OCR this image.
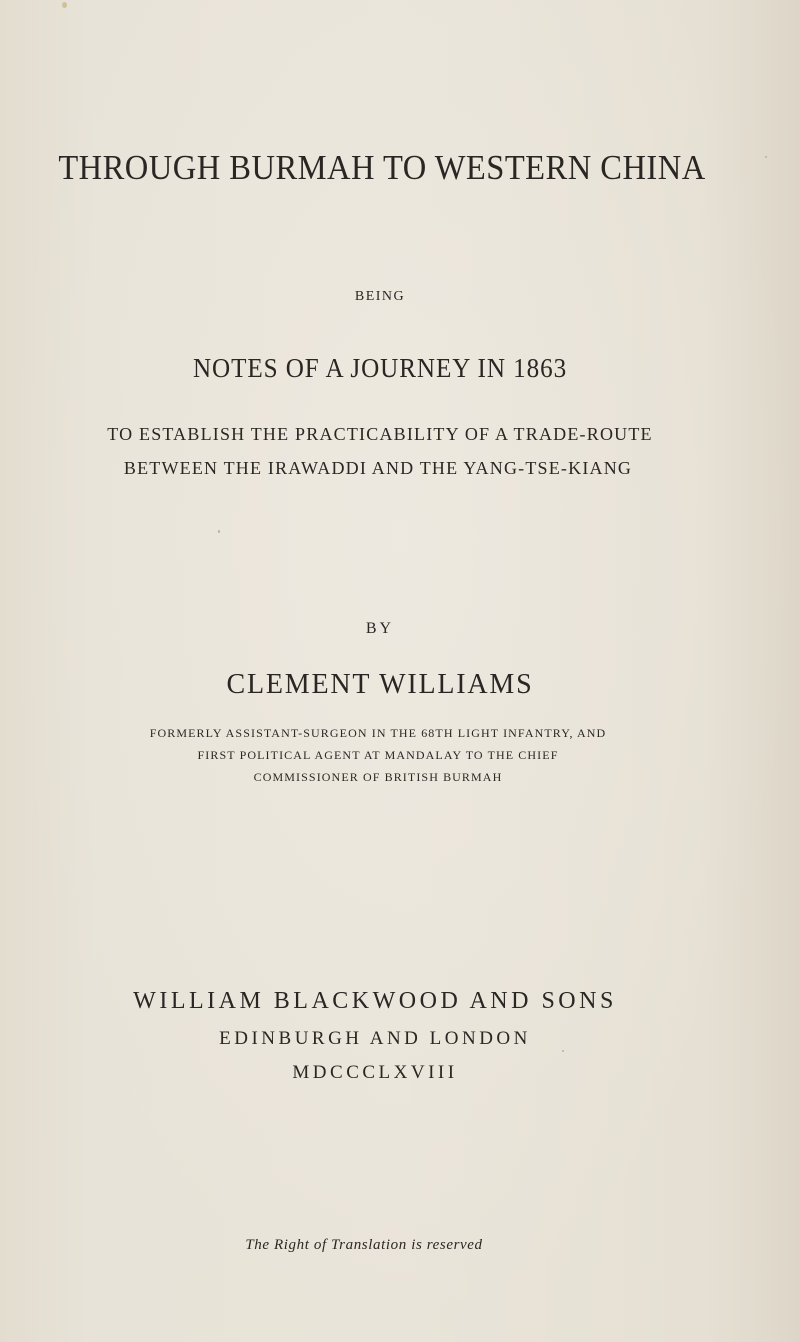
THROUGH BURMAH TO WESTERN CHINA
BEING
NOTES OF A JOURNEY IN 1863
TO ESTABLISH THE PRACTICABILITY OF A TRADE-ROUTE
BETWEEN THE IRAWADDI AND THE YANG-TSE-KIANG
BY
CLEMENT WILLIAMS
FORMERLY ASSISTANT-SURGEON IN THE 68TH LIGHT INFANTRY, AND
FIRST POLITICAL AGENT AT MANDALAY TO THE CHIEF
COMMISSIONER OF BRITISH BURMAH
WILLIAM BLACKWOOD AND SONS
EDINBURGH AND LONDON
MDCCCLXVIII
The Right of Translation is reserved
